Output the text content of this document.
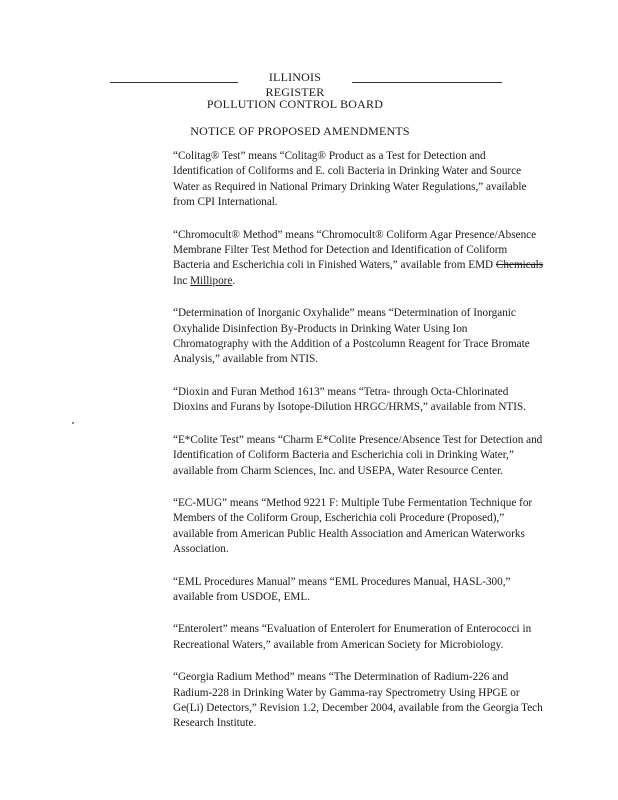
ILLINOIS REGISTER
POLLUTION CONTROL BOARD
NOTICE OF PROPOSED AMENDMENTS

“Colitag® Test” means “Colitag® Product as a Test for Detection and Identification of Coliforms and E. coli Bacteria in Drinking Water and Source Water as Required in National Primary Drinking Water Regulations,” available from CPI International.

“Chromocult® Method” means “Chromocult® Coliform Agar Presence/Absence Membrane Filter Test Method for Detection and Identification of Coliform Bacteria and Escherichia coli in Finished Waters,” available from EMD Chemicals Inc Millipore.

“Determination of Inorganic Oxyhalide” means “Determination of Inorganic Oxyhalide Disinfection By-Products in Drinking Water Using Ion Chromatography with the Addition of a Postcolumn Reagent for Trace Bromate Analysis,” available from NTIS.

“Dioxin and Furan Method 1613” means “Tetra- through Octa-Chlorinated Dioxins and Furans by Isotope-Dilution HRGC/HRMS,” available from NTIS.

“E*Colite Test” means “Charm E*Colite Presence/Absence Test for Detection and Identification of Coliform Bacteria and Escherichia coli in Drinking Water,” available from Charm Sciences, Inc. and USEPA, Water Resource Center.

“EC-MUG” means “Method 9221 F: Multiple Tube Fermentation Technique for Members of the Coliform Group, Escherichia coli Procedure (Proposed),” available from American Public Health Association and American Waterworks Association.

“EML Procedures Manual” means “EML Procedures Manual, HASL-300,” available from USDOE, EML.

“Enterolert” means “Evaluation of Enterolert for Enumeration of Enterococci in Recreational Waters,” available from American Society for Microbiology.

“Georgia Radium Method” means “The Determination of Radium-226 and Radium-228 in Drinking Water by Gamma-ray Spectrometry Using HPGE or Ge(Li) Detectors,” Revision 1.2, December 2004, available from the Georgia Tech Research Institute.
